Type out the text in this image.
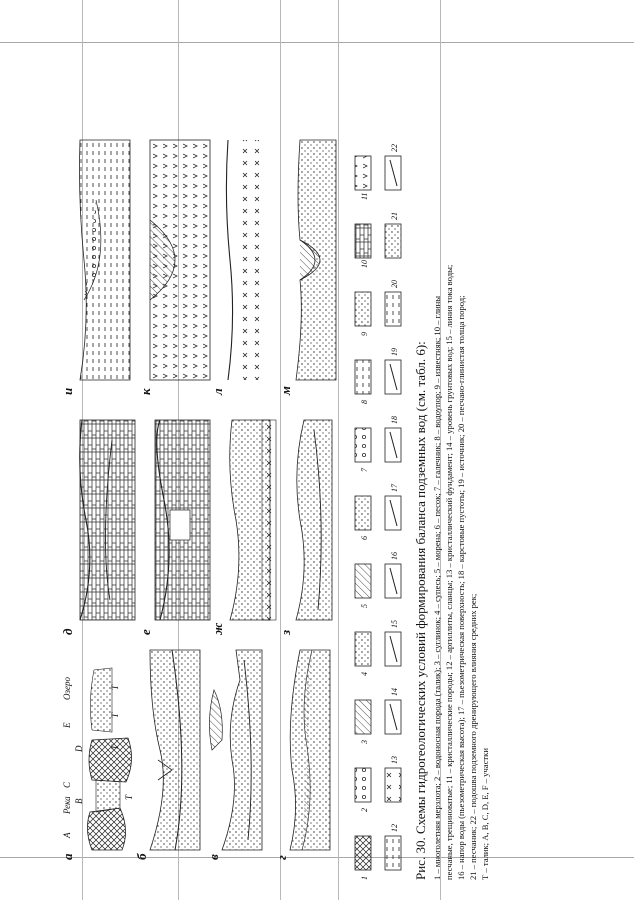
а
А
Река
С
В
D
Е
Озеро
Т
Т
Т
Т
б	в	г
д	е	ж	з
и	к	л	м
1
2
3
4
5
6
7
8
9
10
11
12
13
14
15
16
17
18
19
20
21
22
Рис. 30. Схемы гидрогеологических условий формирования баланса подземных вод (см. табл. 6): 1 – многолетняя мерзлота; 2 – водоносная порода (талик); 3 – суглинок; 4 – супесь; 5 – морена; 6 – песок; 7 – галечник; 8 – водоупор; 9 – известняк; 10 – глины песчаные, трещиноватые; 11 – кристаллические породы; 12 – аргиллиты, сланцы; 13 – кристаллический фундамент; 14 – уровень грунтовых вод; 15 – линия тока воды; 16 – напор воды (пьезометрическая высота); 17 – пьезометрическая поверхность; 18 – карстовые пустоты; 19 – источник; 20 – песчано-глинистая толща пород; 21 – песчаник; 22 – подошва подземного дренирующего влияния средних рек; Т – талик; А, В, С, D, Е, F – участки
